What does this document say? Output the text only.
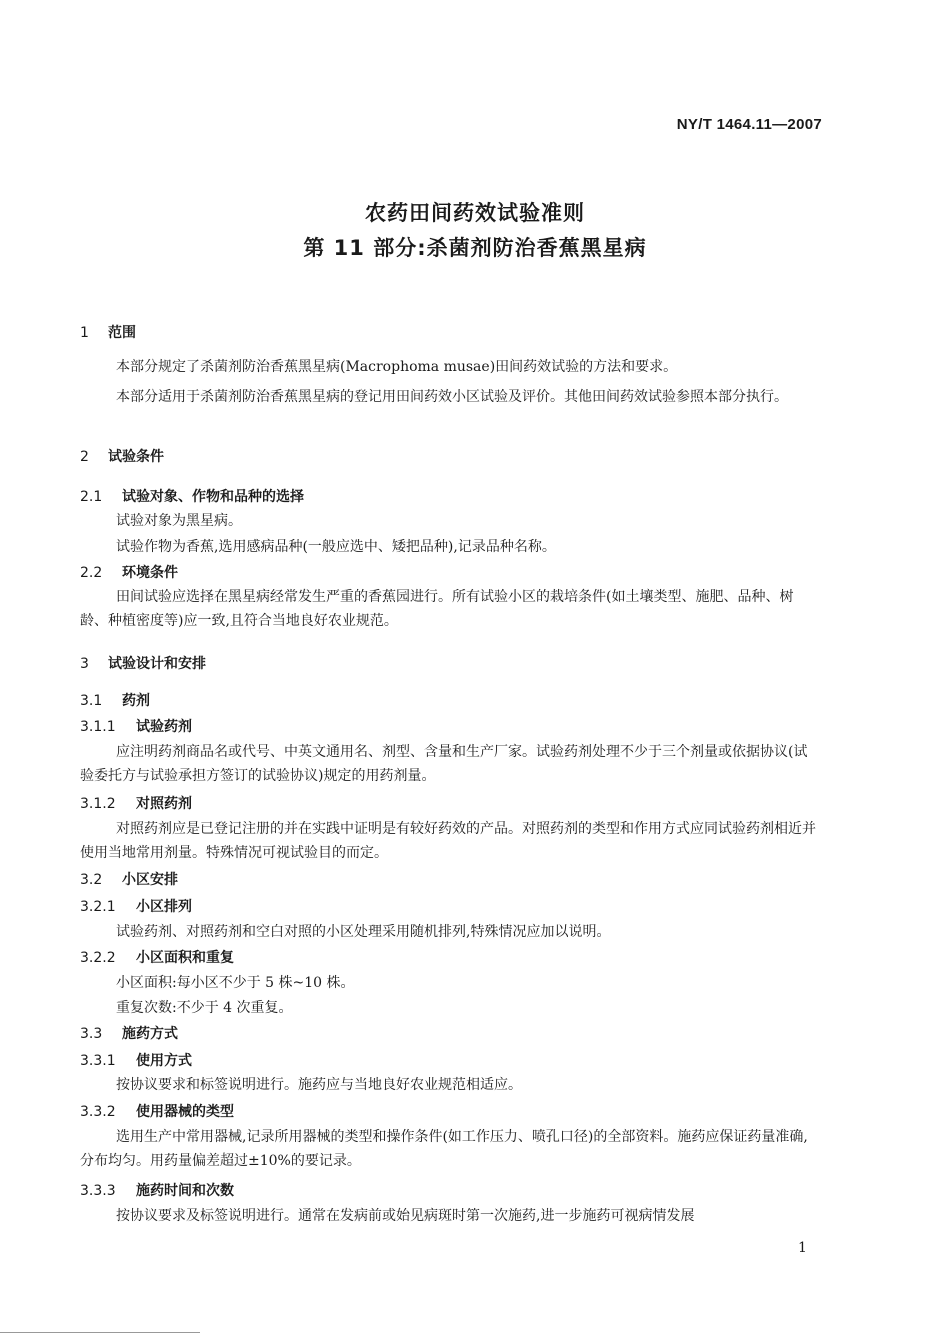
NY/T 1464.11—2007
农药田间药效试验准则
第 11 部分:杀菌剂防治香蕉黑星病
1 范围
本部分规定了杀菌剂防治香蕉黑星病(Macrophoma musae)田间药效试验的方法和要求。
本部分适用于杀菌剂防治香蕉黑星病的登记用田间药效小区试验及评价。其他田间药效试验参照本部分执行。
2 试验条件
2.1 试验对象、作物和品种的选择
试验对象为黑星病。
试验作物为香蕉,选用感病品种(一般应选中、矮把品种),记录品种名称。
2.2 环境条件
田间试验应选择在黑星病经常发生严重的香蕉园进行。所有试验小区的栽培条件(如土壤类型、施肥、品种、树龄、种植密度等)应一致,且符合当地良好农业规范。
3 试验设计和安排
3.1 药剂
3.1.1 试验药剂
应注明药剂商品名或代号、中英文通用名、剂型、含量和生产厂家。试验药剂处理不少于三个剂量或依据协议(试验委托方与试验承担方签订的试验协议)规定的用药剂量。
3.1.2 对照药剂
对照药剂应是已登记注册的并在实践中证明是有较好药效的产品。对照药剂的类型和作用方式应同试验药剂相近并使用当地常用剂量。特殊情况可视试验目的而定。
3.2 小区安排
3.2.1 小区排列
试验药剂、对照药剂和空白对照的小区处理采用随机排列,特殊情况应加以说明。
3.2.2 小区面积和重复
小区面积:每小区不少于 5 株~10 株。
重复次数:不少于 4 次重复。
3.3 施药方式
3.3.1 使用方式
按协议要求和标签说明进行。施药应与当地良好农业规范相适应。
3.3.2 使用器械的类型
选用生产中常用器械,记录所用器械的类型和操作条件(如工作压力、喷孔口径)的全部资料。施药应保证药量准确,分布均匀。用药量偏差超过±10%的要记录。
3.3.3 施药时间和次数
按协议要求及标签说明进行。通常在发病前或始见病斑时第一次施药,进一步施药可视病情发展
1
